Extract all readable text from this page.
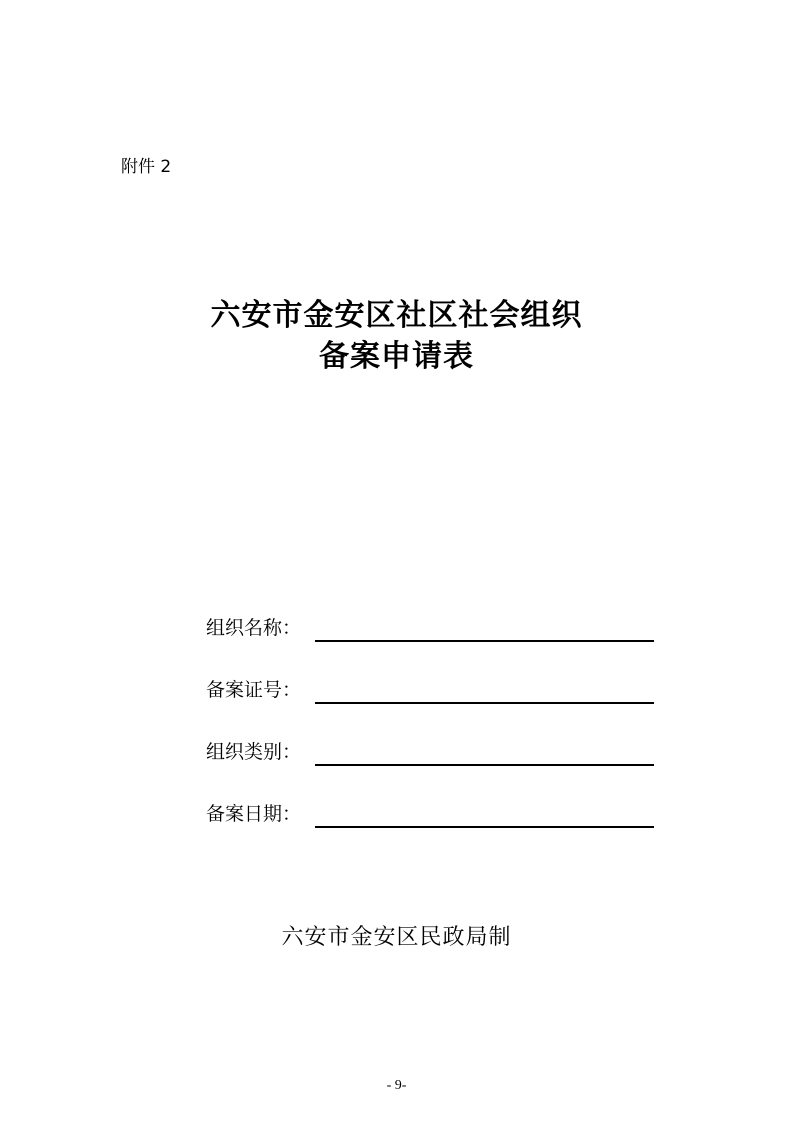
附件 2
六安市金安区社区社会组织
备案申请表
组织名称：
备案证号：
组织类别：
备案日期：
六安市金安区民政局制
- 9-
